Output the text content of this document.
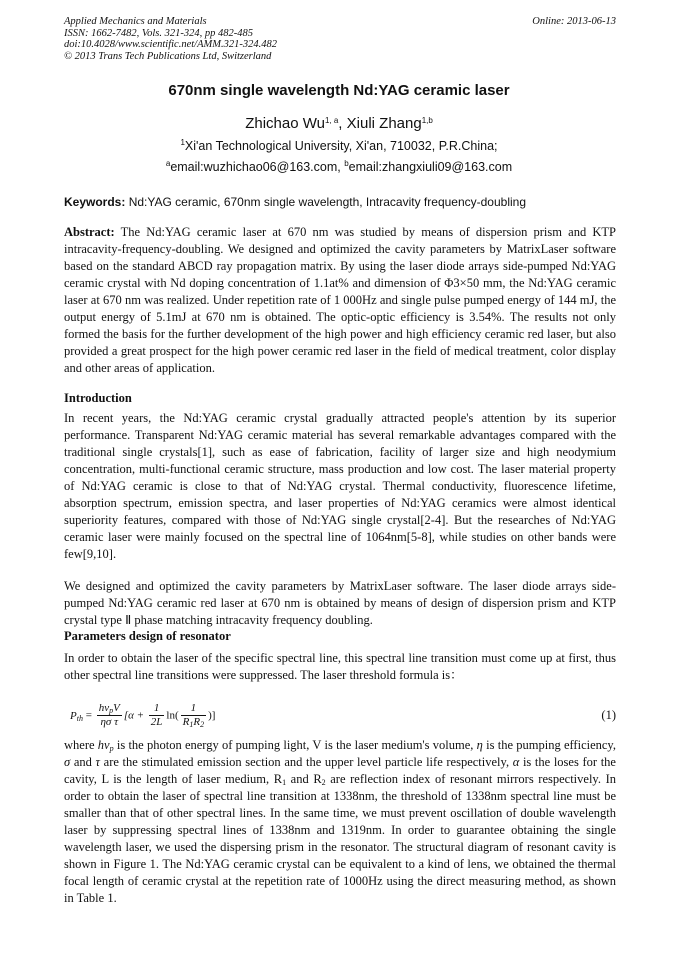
Applied Mechanics and Materials
ISSN: 1662-7482, Vols. 321-324, pp 482-485
doi:10.4028/www.scientific.net/AMM.321-324.482
© 2013 Trans Tech Publications Ltd, Switzerland
Online: 2013-06-13
670nm single wavelength Nd:YAG ceramic laser
Zhichao Wu$^{1, a}$, Xiuli Zhang$^{1,b}$
$^1$Xi'an Technological University, Xi'an, 710032, P.R.China;
$^a$email:wuzhichao06@163.com, $^b$email:zhangxiuli09@163.com
Keywords: Nd:YAG ceramic, 670nm single wavelength, Intracavity frequency-doubling

Abstract: The Nd:YAG ceramic laser at 670 nm was studied by means of dispersion prism and KTP intracavity-frequency-doubling. We designed and optimized the cavity parameters by MatrixLaser software based on the standard ABCD ray propagation matrix. By using the laser diode arrays side-pumped Nd:YAG ceramic crystal with Nd doping concentration of 1.1at% and dimension of Φ3×50 mm, the Nd:YAG ceramic laser at 670 nm was realized. Under repetition rate of 1 000Hz and single pulse pumped energy of 144 mJ, the output energy of 5.1mJ at 670 nm is obtained. The optic-optic efficiency is 3.54%. The results not only formed the basis for the further development of the high power and high efficiency ceramic red laser, but also provided a great prospect for the high power ceramic red laser in the field of medical treatment, color display and other areas of application.

Introduction

In recent years, the Nd:YAG ceramic crystal gradually attracted people's attention by its superior performance. Transparent Nd:YAG ceramic material has several remarkable advantages compared with the traditional single crystals[1], such as ease of fabrication, facility of larger size and high neodymium concentration, multi-functional ceramic structure, mass production and low cost. The laser material property of Nd:YAG ceramic is close to that of Nd:YAG crystal. Thermal conductivity, fluorescence lifetime, absorption spectrum, emission spectra, and laser properties of Nd:YAG ceramics were almost identical superiority features, compared with those of Nd:YAG single crystal[2-4]. But the researches of Nd:YAG ceramic laser were mainly focused on the spectral line of 1064nm[5-8], while studies on other bands were few[9,10].

We designed and optimized the cavity parameters by MatrixLaser software. The laser diode arrays side-pumped Nd:YAG ceramic red laser at 670 nm is obtained by means of design of dispersion prism and KTP crystal type Ⅱ phase matching intracavity frequency doubling.

Parameters design of resonator

In order to obtain the laser of the specific spectral line, this spectral line transition must come up at first, thus other spectral line transitions were suppressed. The laser threshold formula is：

$P_{th} = \frac{h\nu_pV}{\text{ησ τ}} [\alpha + \frac{1}{2L} \ln( \frac{1}{R_1R_2}$ )]	(1)

where $h\nu_p$ is the photon energy of pumping light, V is the laser medium's volume, η is the pumping efficiency, σ and τ are the stimulated emission section and the upper level particle life respectively, α is the loses for the cavity, L is the length of laser medium, $R_1$ and $R_2$ are reflection index of resonant mirrors respectively. In order to obtain the laser of spectral line transition at 1338nm, the threshold of 1338nm spectral line must be smaller than that of other spectral lines. In the same time, we must prevent oscillation of double wavelength laser by suppressing spectral lines of 1338nm and 1319nm. In order to guarantee obtaining the single wavelength laser, we used the dispersing prism in the resonator. The structural diagram of resonant cavity is shown in Figure 1. The Nd:YAG ceramic crystal can be equivalent to a kind of lens, we obtained the thermal focal length of ceramic crystal at the repetition rate of 1000Hz using the direct measuring method, as shown in Table 1.
